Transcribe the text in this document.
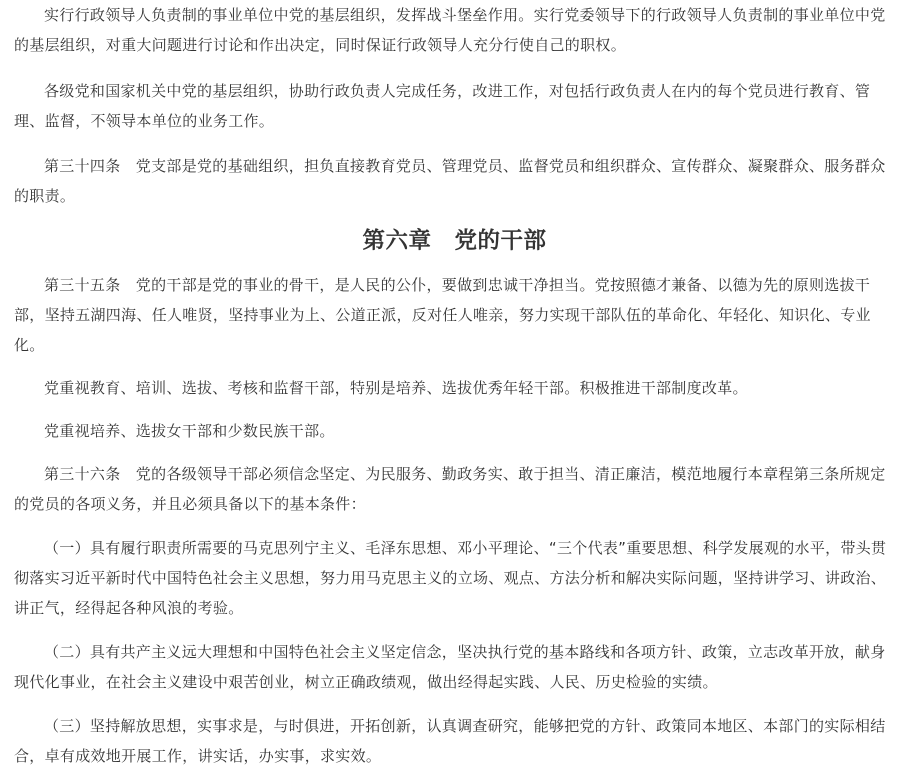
实行行政领导人负责制的事业单位中党的基层组织，发挥战斗堡垒作用。实行党委领导下的行政领导人负责制的事业单位中党的基层组织，对重大问题进行讨论和作出决定，同时保证行政领导人充分行使自己的职权。

各级党和国家机关中党的基层组织，协助行政负责人完成任务，改进工作，对包括行政负责人在内的每个党员进行教育、管理、监督，不领导本单位的业务工作。

第三十四条　党支部是党的基础组织，担负直接教育党员、管理党员、监督党员和组织群众、宣传群众、凝聚群众、服务群众的职责。

第六章　党的干部

第三十五条　党的干部是党的事业的骨干，是人民的公仆，要做到忠诚干净担当。党按照德才兼备、以德为先的原则选拔干部，坚持五湖四海、任人唯贤，坚持事业为上、公道正派，反对任人唯亲，努力实现干部队伍的革命化、年轻化、知识化、专业化。

党重视教育、培训、选拔、考核和监督干部，特别是培养、选拔优秀年轻干部。积极推进干部制度改革。

党重视培养、选拔女干部和少数民族干部。

第三十六条　党的各级领导干部必须信念坚定、为民服务、勤政务实、敢于担当、清正廉洁，模范地履行本章程第三条所规定的党员的各项义务，并且必须具备以下的基本条件：

（一）具有履行职责所需要的马克思列宁主义、毛泽东思想、邓小平理论、“三个代表”重要思想、科学发展观的水平，带头贯彻落实习近平新时代中国特色社会主义思想，努力用马克思主义的立场、观点、方法分析和解决实际问题，坚持讲学习、讲政治、讲正气，经得起各种风浪的考验。

（二）具有共产主义远大理想和中国特色社会主义坚定信念，坚决执行党的基本路线和各项方针、政策，立志改革开放，献身现代化事业，在社会主义建设中艰苦创业，树立正确政绩观，做出经得起实践、人民、历史检验的实绩。

（三）坚持解放思想，实事求是，与时俱进，开拓创新，认真调查研究，能够把党的方针、政策同本地区、本部门的实际相结合，卓有成效地开展工作，讲实话，办实事，求实效。
